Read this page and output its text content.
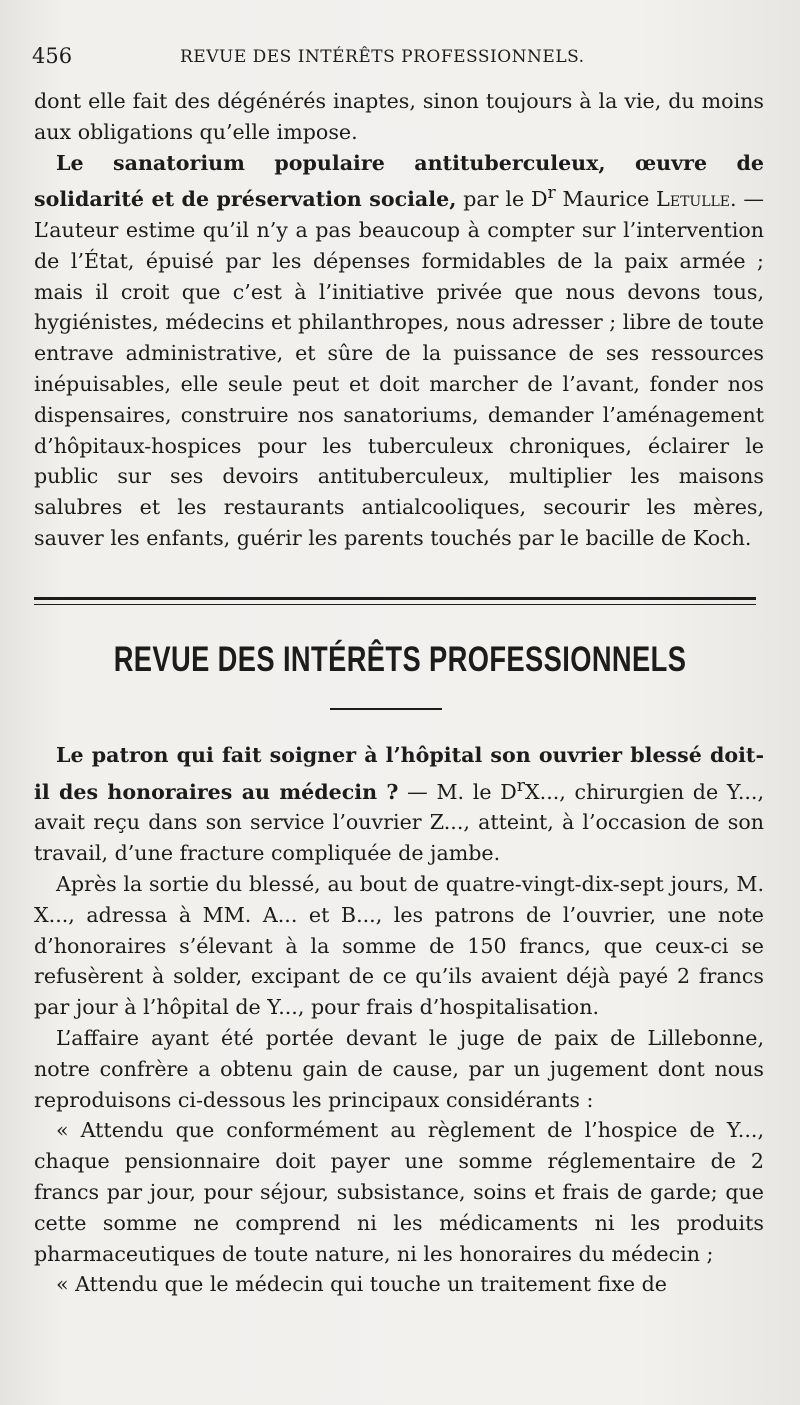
456	REVUE DES INTÉRÊTS PROFESSIONNELS.

dont elle fait des dégénérés inaptes, sinon toujours à la vie, du moins aux obligations qu’elle impose.

Le sanatorium populaire antituberculeux, œuvre de solidarité et de préservation sociale, par le $D^r$ Maurice Letulle. — L’auteur estime qu’il n’y a pas beaucoup à compter sur l’intervention de l’État, épuisé par les dépenses formidables de la paix armée ; mais il croit que c’est à l’initiative privée que nous devons tous, hygiénistes, médecins et philanthropes, nous adresser ; libre de toute entrave administrative, et sûre de la puissance de ses ressources inépuisables, elle seule peut et doit marcher de l’avant, fonder nos dispensaires, construire nos sanatoriums, demander l’aménagement d’hôpitaux-hospices pour les tuberculeux chroniques, éclairer le public sur ses devoirs antituberculeux, multiplier les maisons salubres et les restaurants antialcooliques, secourir les mères, sauver les enfants, guérir les parents touchés par le bacille de Koch.

REVUE DES INTÉRÊTS PROFESSIONNELS

Le patron qui fait soigner à l’hôpital son ouvrier blessé doit-il des honoraires au médecin ? — M. le $D^rX$..., chirurgien de Y..., avait reçu dans son service l’ouvrier Z..., atteint, à l’occasion de son travail, d’une fracture compliquée de jambe.

Après la sortie du blessé, au bout de quatre-vingt-dix-sept jours, M. X..., adressa à MM. A... et B..., les patrons de l’ouvrier, une note d’honoraires s’élevant à la somme de 150 francs, que ceux-ci se refusèrent à solder, excipant de ce qu’ils avaient déjà payé 2 francs par jour à l’hôpital de Y..., pour frais d’hospitalisation.

L’affaire ayant été portée devant le juge de paix de Lillebonne, notre confrère a obtenu gain de cause, par un jugement dont nous reproduisons ci-dessous les principaux considérants :

« Attendu que conformément au règlement de l’hospice de Y..., chaque pensionnaire doit payer une somme réglementaire de 2 francs par jour, pour séjour, subsistance, soins et frais de garde; que cette somme ne comprend ni les médicaments ni les produits pharmaceutiques de toute nature, ni les honoraires du médecin ;

« Attendu que le médecin qui touche un traitement fixe de
